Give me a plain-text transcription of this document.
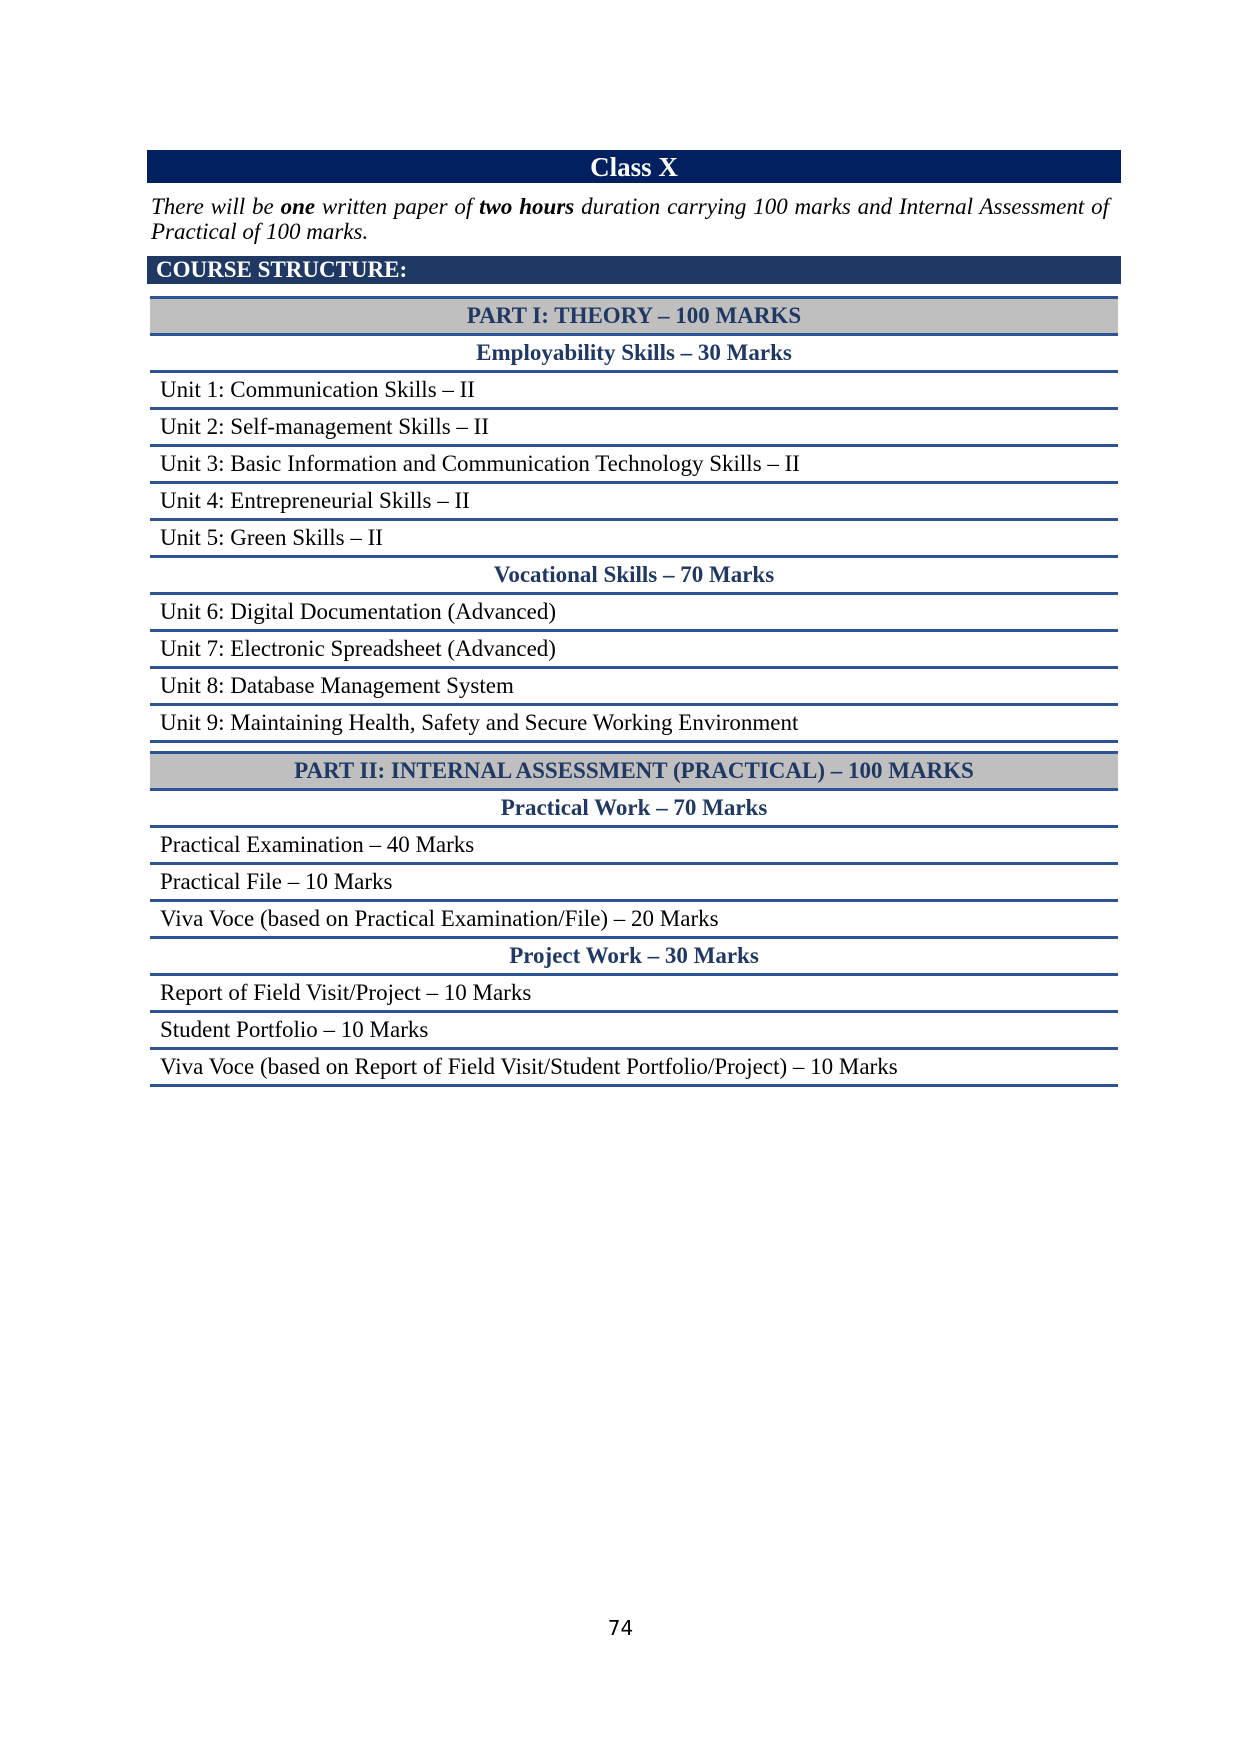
Class X

There will be one written paper of two hours duration carrying 100 marks and Internal Assessment of Practical of 100 marks.

COURSE STRUCTURE:
PART I: THEORY – 100 MARKS
Employability Skills – 30 Marks
Unit 1: Communication Skills – II
Unit 2: Self-management Skills – II
Unit 3: Basic Information and Communication Technology Skills – II
Unit 4: Entrepreneurial Skills – II
Unit 5: Green Skills – II
Vocational Skills – 70 Marks
Unit 6: Digital Documentation (Advanced)
Unit 7: Electronic Spreadsheet (Advanced)
Unit 8: Database Management System
Unit 9: Maintaining Health, Safety and Secure Working Environment

PART II: INTERNAL ASSESSMENT (PRACTICAL) – 100 MARKS
Practical Work – 70 Marks
Practical Examination – 40 Marks
Practical File – 10 Marks
Viva Voce (based on Practical Examination/File) – 20 Marks
Project Work – 30 Marks
Report of Field Visit/Project – 10 Marks
Student Portfolio – 10 Marks
Viva Voce (based on Report of Field Visit/Student Portfolio/Project) – 10 Marks
74
